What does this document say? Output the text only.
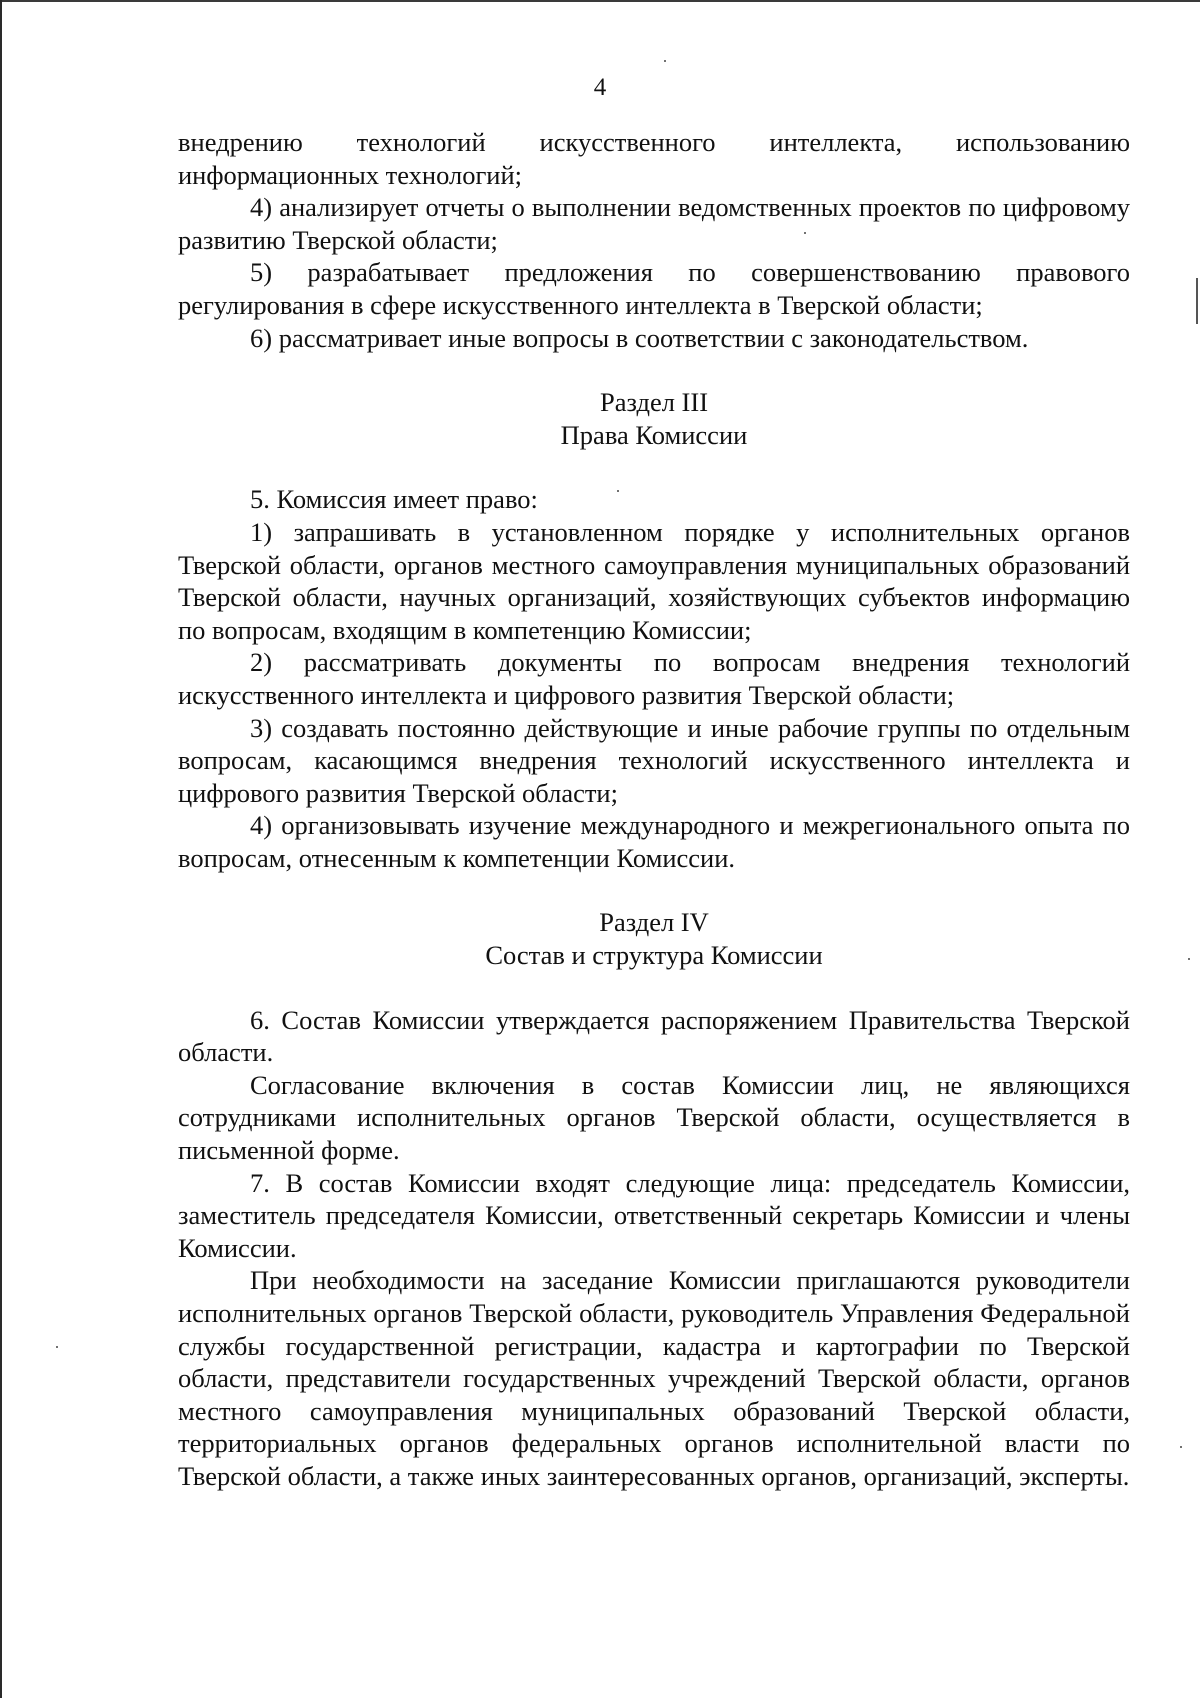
4

внедрению технологий искусственного интеллекта, использованию информационных технологий;

4) анализирует отчеты о выполнении ведомственных проектов по цифровому развитию Тверской области;

5) разрабатывает предложения по совершенствованию правового регулирования в сфере искусственного интеллекта в Тверской области;

6) рассматривает иные вопросы в соответствии с законодательством.

Раздел III

Права Комиссии

5. Комиссия имеет право:

1) запрашивать в установленном порядке у исполнительных органов Тверской области, органов местного самоуправления муниципальных образований Тверской области, научных организаций, хозяйствующих субъектов информацию по вопросам, входящим в компетенцию Комиссии;

2) рассматривать документы по вопросам внедрения технологий искусственного интеллекта и цифрового развития Тверской области;

3) создавать постоянно действующие и иные рабочие группы по отдельным вопросам, касающимся внедрения технологий искусственного интеллекта и цифрового развития Тверской области;

4) организовывать изучение международного и межрегионального опыта по вопросам, отнесенным к компетенции Комиссии.

Раздел IV

Состав и структура Комиссии

6. Состав Комиссии утверждается распоряжением Правительства Тверской области.

Согласование включения в состав Комиссии лиц, не являющихся сотрудниками исполнительных органов Тверской области, осуществляется в письменной форме.

7. В состав Комиссии входят следующие лица: председатель Комиссии, заместитель председателя Комиссии, ответственный секретарь Комиссии и члены Комиссии.

При необходимости на заседание Комиссии приглашаются руководители исполнительных органов Тверской области, руководитель Управления Федеральной службы государственной регистрации, кадастра и картографии по Тверской области, представители государственных учреждений Тверской области, органов местного самоуправления муниципальных образований Тверской области, территориальных органов федеральных органов исполнительной власти по Тверской области, а также иных заинтересованных органов, организаций, эксперты.
